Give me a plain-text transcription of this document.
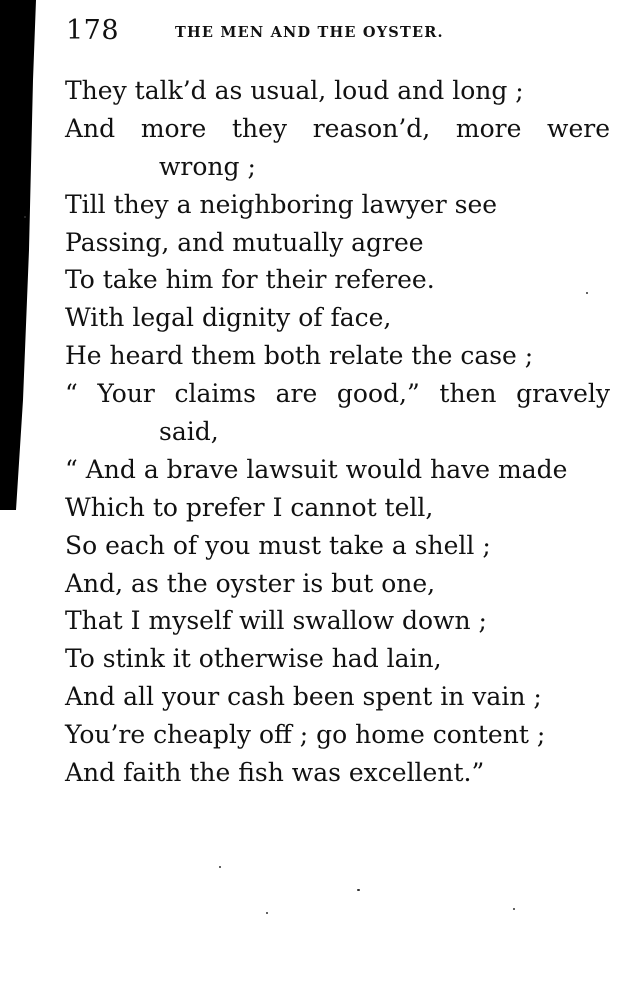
178	THE MEN AND THE OYSTER.
They talk’d as usual, loud and long ;
And more they reason’d, more were
wrong ;
Till they a neighboring lawyer see
Passing, and mutually agree
To take him for their referee.
With legal dignity of face,
He heard them both relate the case ;
“ Your claims are good,” then gravely
said,
“ And a brave lawsuit would have made
Which to prefer I cannot tell,
So each of you must take a shell ;
And, as the oyster is but one,
That I myself will swallow down ;
To stink it otherwise had lain,
And all your cash been spent in vain ;
You’re cheaply off ; go home content ;
And faith the fish was excellent.”
